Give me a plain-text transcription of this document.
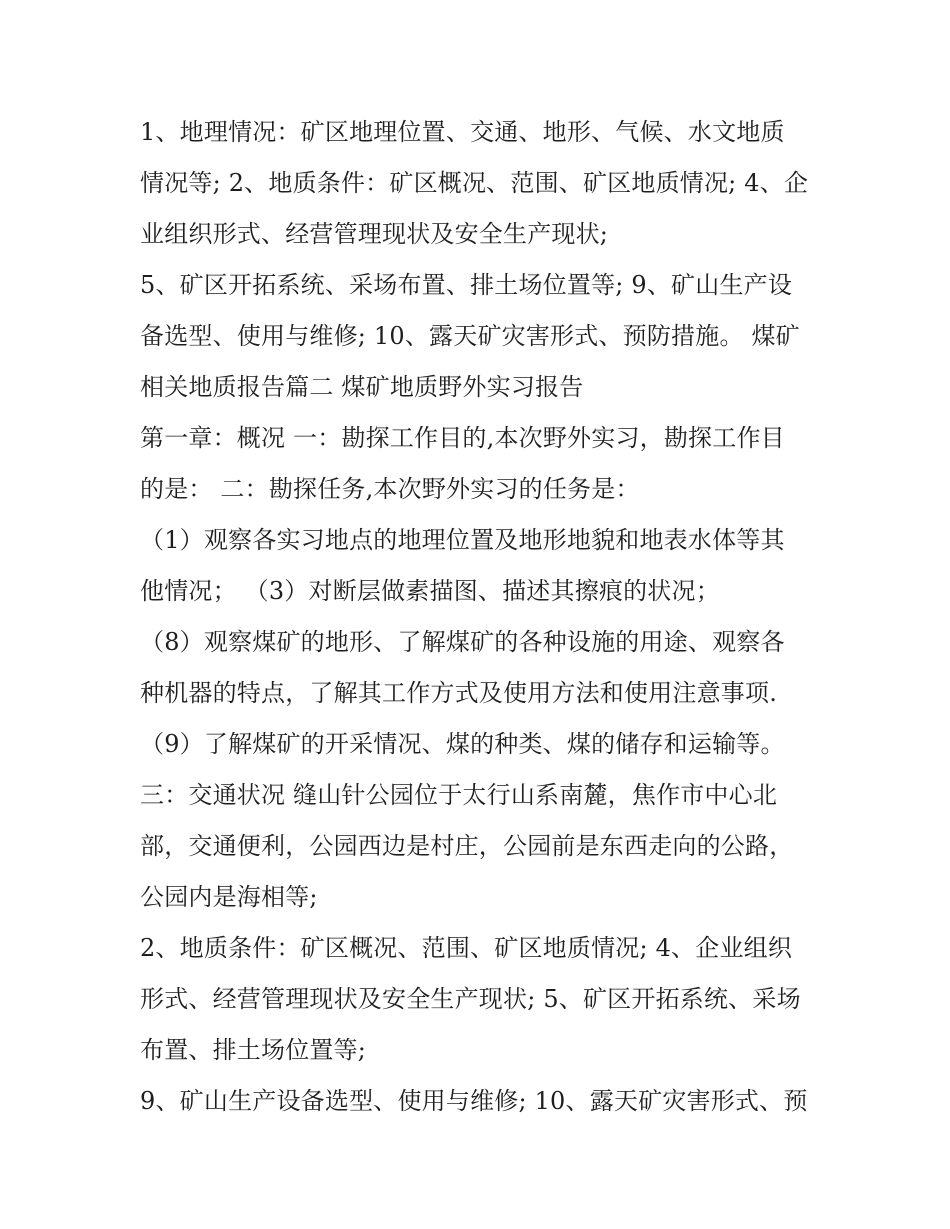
1、地理情况：矿区地理位置、交通、地形、气候、水文地质
情况等; 2、地质条件：矿区概况、范围、矿区地质情况; 4、企
业组织形式、经营管理现状及安全生产现状;
5、矿区开拓系统、采场布置、排土场位置等; 9、矿山生产设
备选型、使用与维修; 10、露天矿灾害形式、预防措施。 煤矿
相关地质报告篇二 煤矿地质野外实习报告
第一章：概况 一：勘探工作目的,本次野外实习，勘探工作目
的是： 二：勘探任务,本次野外实习的任务是：
（1）观察各实习地点的地理位置及地形地貌和地表水体等其
他情况； （3）对断层做素描图、描述其擦痕的状况；
（8）观察煤矿的地形、了解煤矿的各种设施的用途、观察各
种机器的特点，了解其工作方式及使用方法和使用注意事项.
（9）了解煤矿的开采情况、煤的种类、煤的储存和运输等。
三：交通状况 缝山针公园位于太行山系南麓，焦作市中心北
部，交通便利，公园西边是村庄，公园前是东西走向的公路，
公园内是海相等;
2、地质条件：矿区概况、范围、矿区地质情况; 4、企业组织
形式、经营管理现状及安全生产现状; 5、矿区开拓系统、采场
布置、排土场位置等;
9、矿山生产设备选型、使用与维修; 10、露天矿灾害形式、预
